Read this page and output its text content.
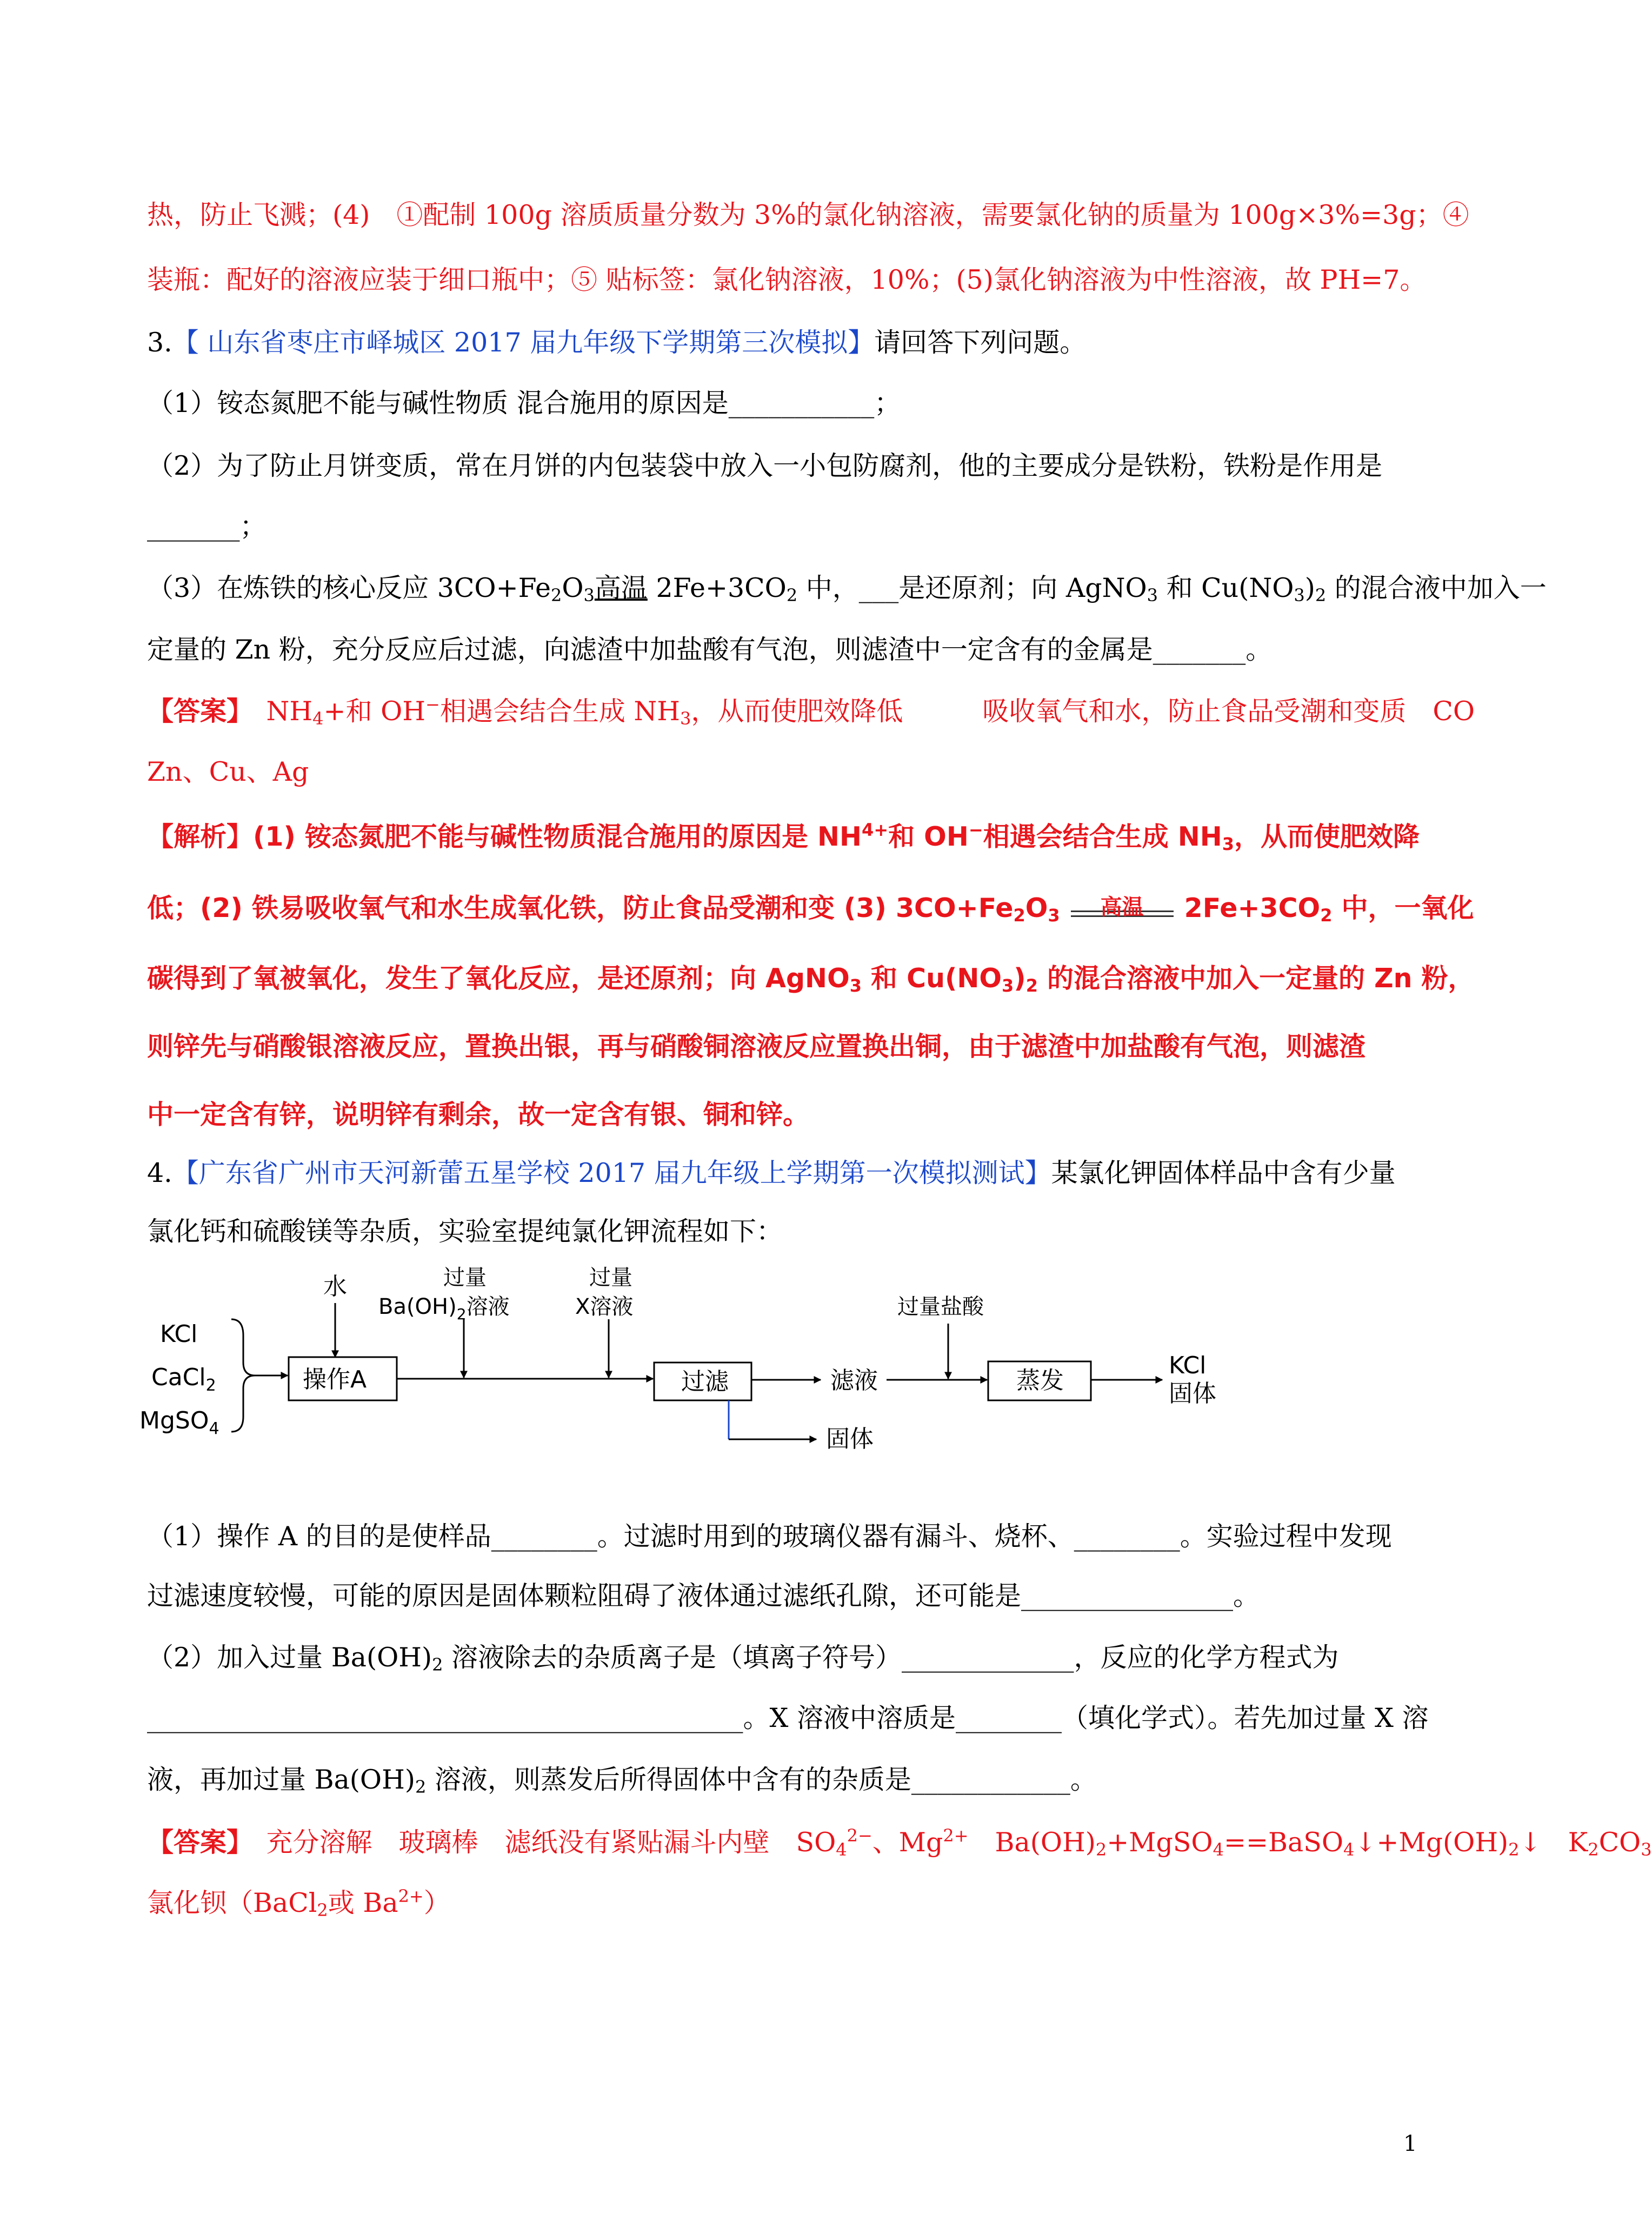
热，防止飞溅；(4)　①配制 100g 溶质质量分数为 3%的氯化钠溶液，需要氯化钠的质量为 100g×3%=3g；④
装瓶：配好的溶液应装于细口瓶中；⑤ 贴标签：氯化钠溶液，10%；(5)氯化钠溶液为中性溶液，故 PH=7。
3.【 山东省枣庄市峄城区 2017 届九年级下学期第三次模拟】请回答下列问题。
（1）铵态氮肥不能与碱性物质 混合施用的原因是___________；
（2）为了防止月饼变质，常在月饼的内包装袋中放入一小包防腐剂，他的主要成分是铁粉，铁粉是作用是
_______；
（3）在炼铁的核心反应 $3CO+Fe_2O_3$高温 $2Fe+3CO_2$ 中，___是还原剂；向 AgNO$_3$ 和 $Cu(NO_3)_2$ 的混合液中加入一
定量的 Zn 粉，充分反应后过滤，向滤渣中加盐酸有气泡，则滤渣中一定含有的金属是_______。
【答案】　$NH_4+$和 OH−相遇会结合生成 $NH_3$，从而使肥效降低　　　吸收氧气和水，防止食品受潮和变质　CO
Zn、Cu、Ag
【解析】(1) 铵态氮肥不能与碱性物质混合施用的原因是 $NH^{4+}$和 OH−相遇会结合生成 $NH_3$，从而使肥效降
低；(2) 铁易吸收氧气和水生成氧化铁，防止食品受潮和变 (3) $3CO+Fe_2O_3$	高温	$2Fe+3CO_2$ 中，一氧化
碳得到了氧被氧化，发生了氧化反应，是还原剂；向 AgNO$_3$ 和 $Cu(NO_3)_2$ 的混合溶液中加入一定量的 Zn 粉，
则锌先与硝酸银溶液反应，置换出银，再与硝酸铜溶液反应置换出铜，由于滤渣中加盐酸有气泡，则滤渣
中一定含有锌，说明锌有剩余，故一定含有银、铜和锌。
4.【广东省广州市天河新蕾五星学校 2017 届九年级上学期第一次模拟测试】某氯化钾固体样品中含有少量
氯化钙和硫酸镁等杂质，实验室提纯氯化钾流程如下：
KCl
CaCl$_2$
MgSO$_4$
水
操作A
过量
$Ba(OH)_2$溶液
过量
X溶液
过滤
固体
滤液
过量盐酸
蒸发
KCl
固体
（1）操作 A 的目的是使样品________。过滤时用到的玻璃仪器有漏斗、烧杯、________。实验过程中发现
过滤速度较慢，可能的原因是固体颗粒阻碍了液体通过滤纸孔隙，还可能是________________。
（2）加入过量 $Ba(OH)_2$ 溶液除去的杂质离子是（填离子符号）_____________，反应的化学方程式为
_____________________________________________。X 溶液中溶质是________（填化学式）。若先加过量 X 溶
液，再加过量 $Ba(OH)_2$ 溶液，则蒸发后所得固体中含有的杂质是____________。
【答案】　充分溶解　玻璃棒　滤纸没有紧贴漏斗内壁　$SO_4^{2-}$、$Mg^{2+}$　$Ba(OH)_2+MgSO_4==BaSO_4↓+Mg(OH)_2↓$　$K_2CO_3$
氯化钡（BaCl$_2$或 $Ba^{2+}$）
1
